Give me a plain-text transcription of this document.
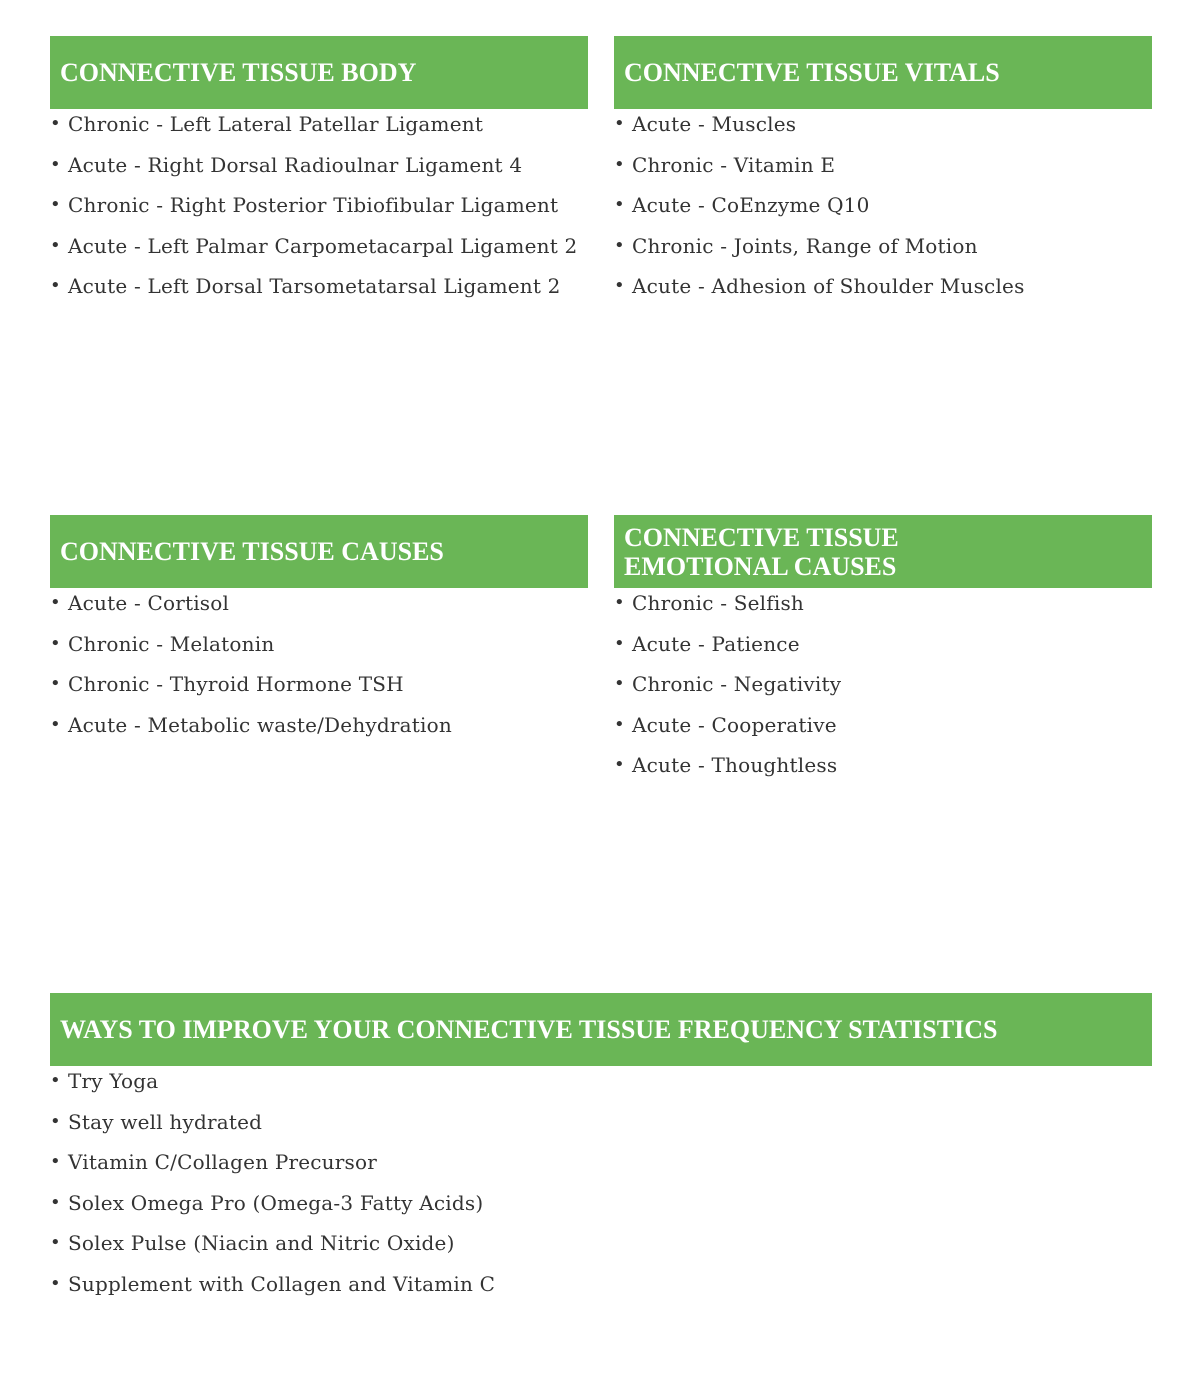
CONNECTIVE TISSUE BODY
• Chronic - Left Lateral Patellar Ligament
• Acute - Right Dorsal Radioulnar Ligament 4
• Chronic - Right Posterior Tibiofibular Ligament
• Acute - Left Palmar Carpometacarpal Ligament 2
• Acute - Left Dorsal Tarsometatarsal Ligament 2
CONNECTIVE TISSUE VITALS
• Acute - Muscles
• Chronic - Vitamin E
• Acute - CoEnzyme Q10
• Chronic - Joints, Range of Motion
• Acute - Adhesion of Shoulder Muscles
CONNECTIVE TISSUE CAUSES
• Acute - Cortisol
• Chronic - Melatonin
• Chronic - Thyroid Hormone TSH
• Acute - Metabolic waste/Dehydration
CONNECTIVE TISSUE
EMOTIONAL CAUSES
• Chronic - Selfish
• Acute - Patience
• Chronic - Negativity
• Acute - Cooperative
• Acute - Thoughtless
WAYS TO IMPROVE YOUR CONNECTIVE TISSUE FREQUENCY STATISTICS
• Try Yoga
• Stay well hydrated
• Vitamin C/Collagen Precursor
• Solex Omega Pro (Omega-3 Fatty Acids)
• Solex Pulse (Niacin and Nitric Oxide)
• Supplement with Collagen and Vitamin C
